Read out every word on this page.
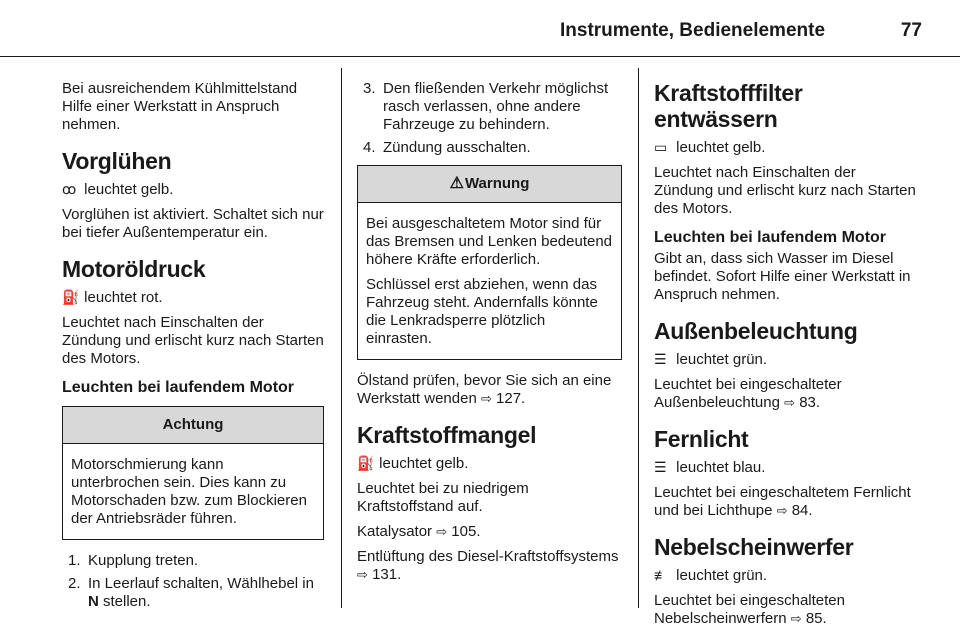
Instrumente, Bedienelemente	77

Bei ausreichendem Kühlmittelstand Hilfe einer Werkstatt in Anspruch nehmen.

Vorglühen

ꝏ leuchtet gelb.

Vorglühen ist aktiviert. Schaltet sich nur bei tiefer Außentemperatur ein.

Motoröldruck

⛽ leuchtet rot.

Leuchtet nach Einschalten der Zündung und erlischt kurz nach Starten des Motors.

Leuchten bei laufendem Motor
Achtung

Motorschmierung kann unterbrochen sein. Dies kann zu Motorschaden bzw. zum Blockieren der Antriebsräder führen.

1. Kupplung treten.
2. In Leerlauf schalten, Wählhebel in N stellen.
3. Den fließenden Verkehr möglichst rasch verlassen, ohne andere Fahrzeuge zu behindern.
4. Zündung ausschalten.
⚠Warnung

Bei ausgeschaltetem Motor sind für das Bremsen und Lenken bedeutend höhere Kräfte erforderlich.

Schlüssel erst abziehen, wenn das Fahrzeug steht. Andernfalls könnte die Lenkradsperre plötzlich einrasten.

Ölstand prüfen, bevor Sie sich an eine Werkstatt wenden ⇨ 127.

Kraftstoffmangel

⛽ leuchtet gelb.

Leuchtet bei zu niedrigem Kraftstoffstand auf.

Katalysator ⇨ 105.

Entlüftung des Diesel-Kraftstoffsystems ⇨ 131.

Kraftstofffilter entwässern

▭ leuchtet gelb.

Leuchtet nach Einschalten der Zündung und erlischt kurz nach Starten des Motors.

Leuchten bei laufendem Motor

Gibt an, dass sich Wasser im Diesel befindet. Sofort Hilfe einer Werkstatt in Anspruch nehmen.

Außenbeleuchtung

☰ leuchtet grün.

Leuchtet bei eingeschalteter Außenbeleuchtung ⇨ 83.

Fernlicht

☰ leuchtet blau.

Leuchtet bei eingeschaltetem Fernlicht und bei Lichthupe ⇨ 84.

Nebelscheinwerfer

≢ leuchtet grün.

Leuchtet bei eingeschalteten Nebelscheinwerfern ⇨ 85.
